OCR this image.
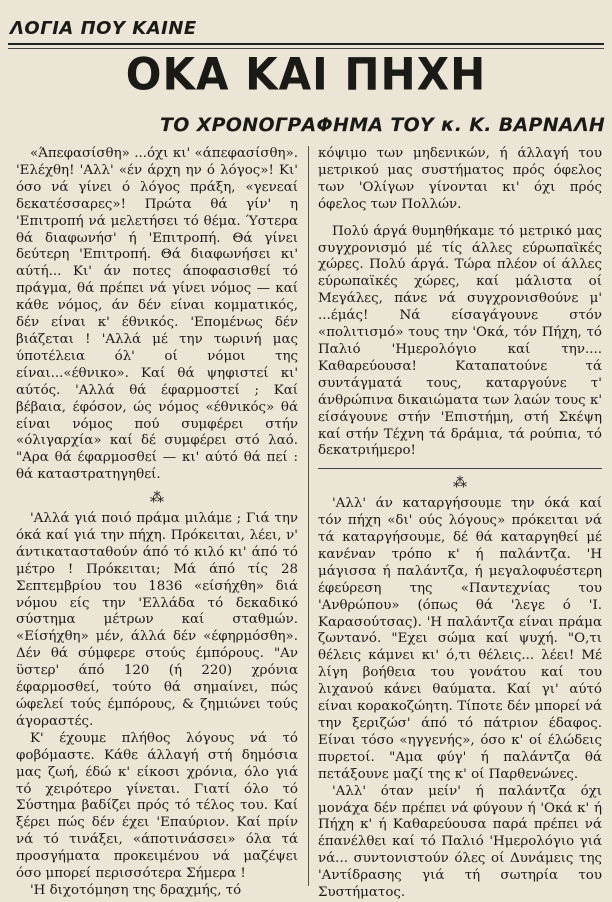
ΛΟΓΙΑ ΠΟΥ ΚΑΙΝΕ
ΟΚΑ ΚΑΙ ΠΗΧΗ
ΤΟ ΧΡΟΝΟΓΡΑΦΗΜΑ ΤΟΥ κ. Κ. ΒΑΡΝΑΛΗ

«Άπεφασίσθη» ...όχι κι' «άπεφασίσθη». 'Ελέχθη! 'Αλλ' «έν άρχη ην ό λόγος»! Κι' όσο νά γίνει ό λόγος πράξη, «γενεαί δεκατέσσαρες»! Πρώτα θά γίν' η 'Επιτροπή νά μελετήσει τό θέμα. Ύστερα θά διαφωνήσ' ή 'Επιτροπή. Θά γίνει δεύτερη 'Επιτροπή. Θά διαφωνήσει κι' αύτή... Κι' άν ποτες άποφασισθεί τό πράγμα, θά πρέπει νά γίνει νόμος — καί κάθε νόμος, άν δέν είναι κομματικός, δέν είναι κ' έθνικός. 'Επομένως δέν βιάζεται ! 'Αλλά μέ την τωρινή μας ύποτέλεια όλ' οί νόμοι της είναι...«έθνικο». Καί θά ψηφιστεί κι' αύτός. 'Αλλά θά έφαρμοστεί ; Καί βέβαια, έφόσον, ώς νόμος «έθνικός» θά είναι νόμος πού συμφέρει στήν «όλιγαρχία» καί δέ συμφέρει στό λαό. "Αρα θά έφαρμοσθεί — κι' αύτό θά πεί : θά καταστρατηγηθεί.

⁂

'Αλλά γιά ποιό πράμα μιλάμε ; Γιά την όκά καί γιά την πήχη. Πρόκειται, λέει, ν' άντικατασταθούν άπό τό κιλό κι' άπό τό μέτρο ! Πρόκειται; Μά άπό τίς 28 Σεπτεμβρίου του 1836 «είσήχθη» διά νόμου είς την 'Ελλάδα τό δεκαδικό σύστημα μέτρων καί σταθμών. «Είσήχθη» μέν, άλλά δέν «έφηρμόσθη». Δέν θά σύμφερε στούς έμπόρους. "Αν ϋστερ' άπό 120 (ή 220) χρόνια έφαρμοσθεί, τούτο θά σημαίνει, πώς ώφελεί τούς έμπόρους, & ζημιώνει τούς άγοραστές.

Κ' έχουμε πλήθος λόγους νά τό φοβόμαστε. Κάθε άλλαγή στή δημόσια μας ζωή, έδώ κ' είκοσι χρόνια, όλο γιά τό χειρότερο γίνεται. Γιατί όλο τό Σύστημα βαδίζει πρός τό τέλος του. Καί ξέρει πώς δέν έχει 'Επαύριον. Καί πρίν νά τό τινάξει, «άποτινάσσει» όλα τά προσγήματα προκειμένου νά μαζέψει όσο μπορεί περισσότερα Σήμερα !

'Η διχοτόμηση της δραχμής, τό

κόψιμο των μηδενικών, ή άλλαγή του μετρικού μας συστήματος πρός όφελος των 'Ολίγων γίνονται κι' όχι πρός όφελος των Πολλών.

Πολύ άργά θυμηθήκαμε τό μετρικό μας συγχρονισμό μέ τίς άλλες εύρωπαϊκές χώρες. Πολύ άργά. Τώρα πλέον οί άλλες εύρωπαϊκές χώρες, καί μάλιστα οί Μεγάλες, πάνε νά συγχρονισθούνε μ' ...έμάς! Νά είσαγάγουνε στόν «πολιτισμό» τους την 'Οκά, τόν Πήχη, τό Παλιό 'Ημερολόγιο καί την.... Καθαρεύουσα! Καταπατούνε τά συντάγματά τους, καταργούνε τ' άνθρώπινα δικαιώματα των λαών τους κ' είσάγουνε στήν 'Επιστήμη, στή Σκέψη καί στήν Τέχνη τά δράμια, τά ρούπια, τό δεκατριήμερο!

⁂

'Αλλ' άν καταργήσουμε την όκά καί τόν πήχη «δι' ούς λόγους» πρόκειται νά τά καταργήσουμε, δέ θά καταργηθεί μέ κανέναν τρόπο κ' ή παλάντζα. 'Η μάγισσα ή παλάντζα, ή μεγαλοφυέστερη έφεύρεση της «Παντεχνίας του 'Ανθρώπου» (όπως θά 'λεγε ό 'Ι. Καρασούτσας). 'Η παλάντζα είναι πράμα ζωντανό. "Εχει σώμα καί ψυχή. "Ο,τι θέλεις κάμνει κι' ό,τι θέλεις... λέει! Μέ λίγη βοήθεια του γονάτου καί του λιχανού κάνει θαύματα. Καί γι' αύτό είναι κορακοζώητη. Τίποτε δέν μπορεί νά την ξεριζώσ' άπό τό πάτριον έδαφος. Είναι τόσο «ηγγενής», όσο κ' οί έλώδεις πυρετοί. "Αμα φύγ' ή παλάντζα θά πετάξουνε μαζί της κ' οί Παρθενώνες.

'Αλλ' όταν μείν' ή παλάντζα όχι μονάχα δέν πρέπει νά φύγουν ή 'Οκά κ' ή Πήχη κ' ή Καθαρεύουσα παρά πρέπει νά έπανέλθει καί τό Παλιό 'Ημερολόγιο γιά νά... συντονιστούν όλες οί Δυνάμεις της 'Αντίδρασης γιά τή σωτηρία του Συστήματος.
